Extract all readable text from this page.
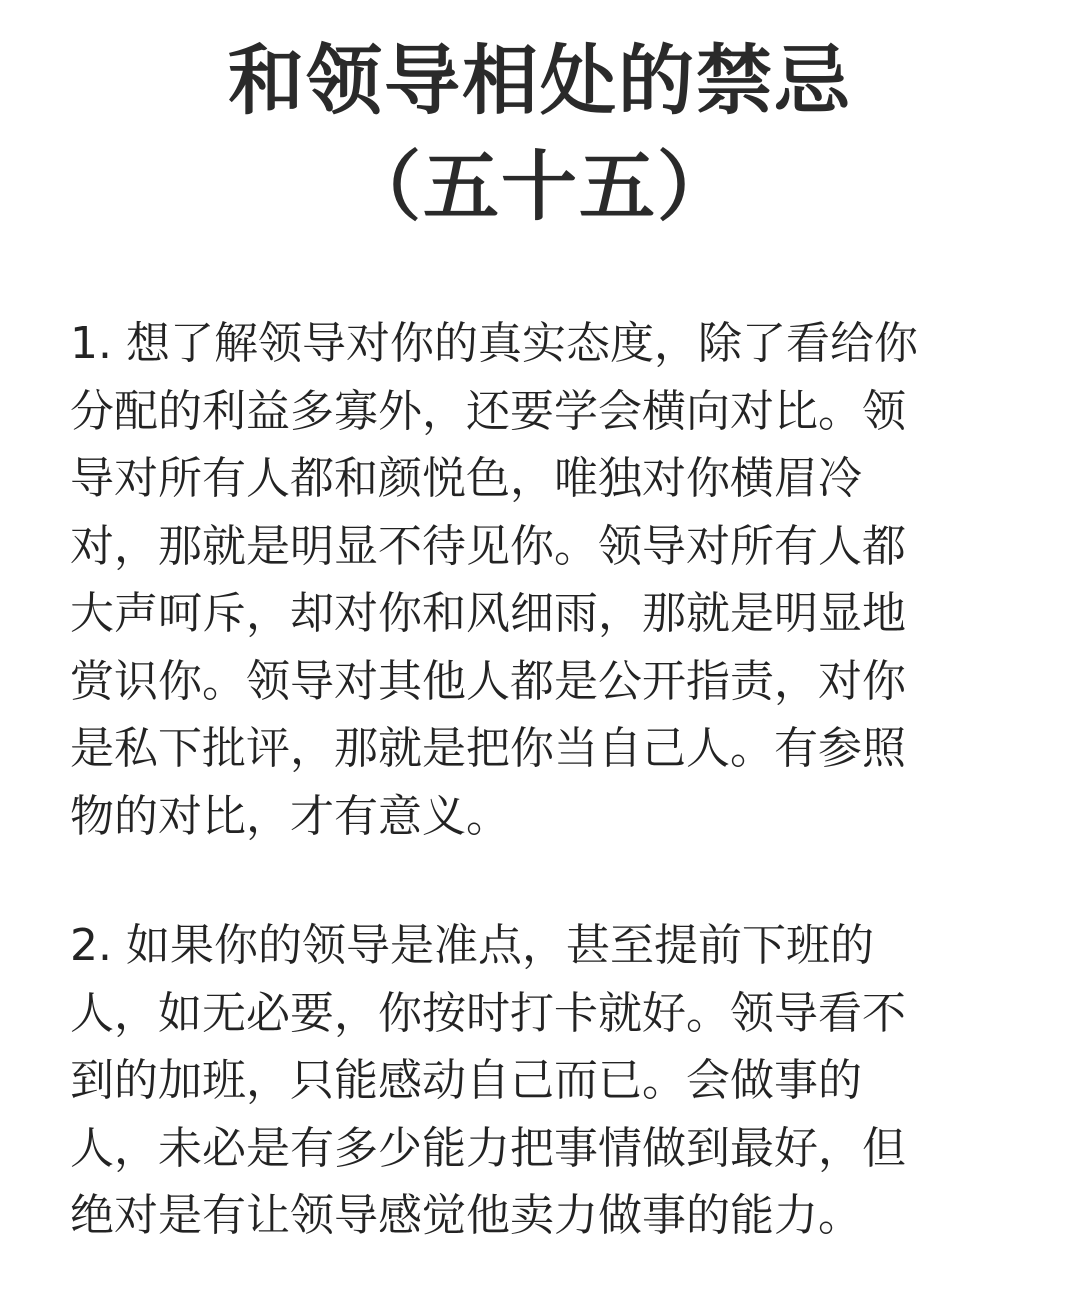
和领导相处的禁忌
（五十五）

1. 想了解领导对你的真实态度，除了看给你
分配的利益多寡外，还要学会横向对比。领
导对所有人都和颜悦色，唯独对你横眉冷
对，那就是明显不待见你。领导对所有人都
大声呵斥，却对你和风细雨，那就是明显地
赏识你。领导对其他人都是公开指责，对你
是私下批评，那就是把你当自己人。有参照
物的对比，才有意义。

2. 如果你的领导是准点，甚至提前下班的
人，如无必要，你按时打卡就好。领导看不
到的加班，只能感动自己而已。会做事的
人，未必是有多少能力把事情做到最好，但
绝对是有让领导感觉他卖力做事的能力。
